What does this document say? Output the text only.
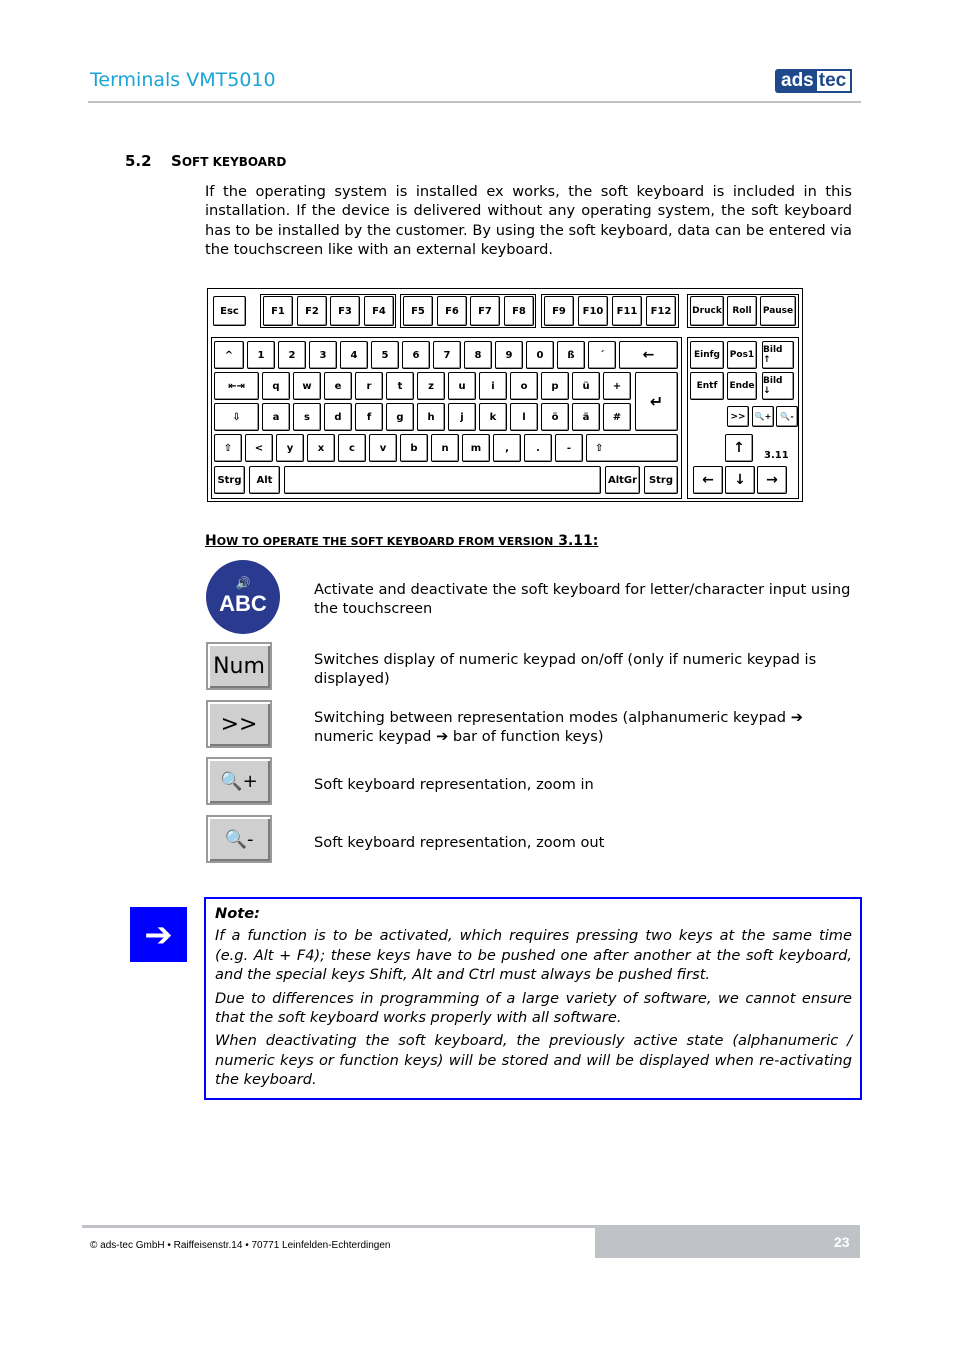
Terminals VMT5010	ads tec
5.2 SOFT KEYBOARD
If the operating system is installed ex works, the soft keyboard is included in this installation. If the device is delivered without any operating system, the soft keyboard has to be installed by the customer. By using the soft keyboard, data can be entered via the touchscreen like with an external keyboard.
Esc	F1	F2	F3	F4	F5	F6	F7	F8	F9	F10	F11	F12	Druck	Roll	Pause
^	1	2	3	4	5	6	7	8	9	0	ß	´	←	Einfg	Pos1 Bild ↑
⇤⇥	q	w	e	r	t	z	u	i	o	p	ü	+
↵
Entf	Ende Bild ↓
⇩	a	s	d	f	g	h	j	k	l	ö	ä	#	>>	🔍+	🔍-
⇧	<	y	x	c	v	b	n	m	,	.	-	⇧	↑	3.11
Strg	Alt	AltGr	Strg	←	↓	→
HOW TO OPERATE THE SOFT KEYBOARD FROM VERSION 3.11:
🔊
ABC
Activate and deactivate the soft keyboard for letter/character input using the touchscreen
Num	Switches display of numeric keypad on/off (only if numeric keypad is displayed)
>>	Switching between representation modes (alphanumeric keypad ➔ numeric keypad ➔ bar of function keys)
🔍+	Soft keyboard representation, zoom in
🔍-	Soft keyboard representation, zoom out
➔
Note:

If a function is to be activated, which requires pressing two keys at the same time (e.g. Alt + F4); these keys have to be pushed one after another at the soft keyboard, and the special keys Shift, Alt and Ctrl must always be pushed first.

Due to differences in programming of a large variety of software, we cannot ensure that the soft keyboard works properly with all software.

When deactivating the soft keyboard, the previously active state (alphanumeric / numeric keys or function keys) will be stored and will be displayed when re-activating the keyboard.

23
© ads-tec GmbH • Raiffeisenstr.14 • 70771 Leinfelden-Echterdingen
